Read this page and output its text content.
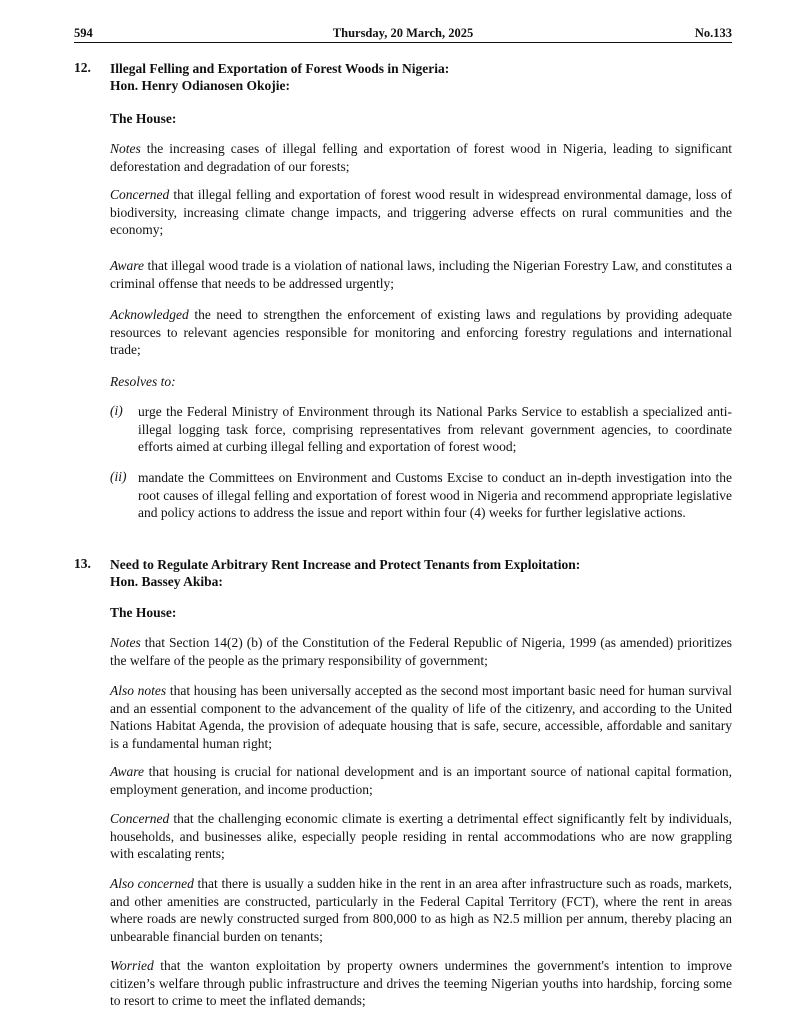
594	Thursday, 20 March, 2025	No.133
12. Illegal Felling and Exportation of Forest Woods in Nigeria:
Hon. Henry Odianosen Okojie:
The House:
Notes the increasing cases of illegal felling and exportation of forest wood in Nigeria, leading to significant deforestation and degradation of our forests;
Concerned that illegal felling and exportation of forest wood result in widespread environmental damage, loss of biodiversity, increasing climate change impacts, and triggering adverse effects on rural communities and the economy;
Aware that illegal wood trade is a violation of national laws, including the Nigerian Forestry Law, and constitutes a criminal offense that needs to be addressed urgently;
Acknowledged the need to strengthen the enforcement of existing laws and regulations by providing adequate resources to relevant agencies responsible for monitoring and enforcing forestry regulations and international trade;
Resolves to:
(i) urge the Federal Ministry of Environment through its National Parks Service to establish a specialized anti-illegal logging task force, comprising representatives from relevant government agencies, to coordinate efforts aimed at curbing illegal felling and exportation of forest wood;
(ii) mandate the Committees on Environment and Customs Excise to conduct an in-depth investigation into the root causes of illegal felling and exportation of forest wood in Nigeria and recommend appropriate legislative and policy actions to address the issue and report within four (4) weeks for further legislative actions.
13. Need to Regulate Arbitrary Rent Increase and Protect Tenants from Exploitation:
Hon. Bassey Akiba:
The House:
Notes that Section 14(2) (b) of the Constitution of the Federal Republic of Nigeria, 1999 (as amended) prioritizes the welfare of the people as the primary responsibility of government;
Also notes that housing has been universally accepted as the second most important basic need for human survival and an essential component to the advancement of the quality of life of the citizenry, and according to the United Nations Habitat Agenda, the provision of adequate housing that is safe, secure, accessible, affordable and sanitary is a fundamental human right;
Aware that housing is crucial for national development and is an important source of national capital formation, employment generation, and income production;
Concerned that the challenging economic climate is exerting a detrimental effect significantly felt by individuals, households, and businesses alike, especially people residing in rental accommodations who are now grappling with escalating rents;
Also concerned that there is usually a sudden hike in the rent in an area after infrastructure such as roads, markets, and other amenities are constructed, particularly in the Federal Capital Territory (FCT), where the rent in areas where roads are newly constructed surged from 800,000 to as high as N2.5 million per annum, thereby placing an unbearable financial burden on tenants;
Worried that the wanton exploitation by property owners undermines the government's intention to improve citizen’s welfare through public infrastructure and drives the teeming Nigerian youths into hardship, forcing some to resort to crime to meet the inflated demands;
